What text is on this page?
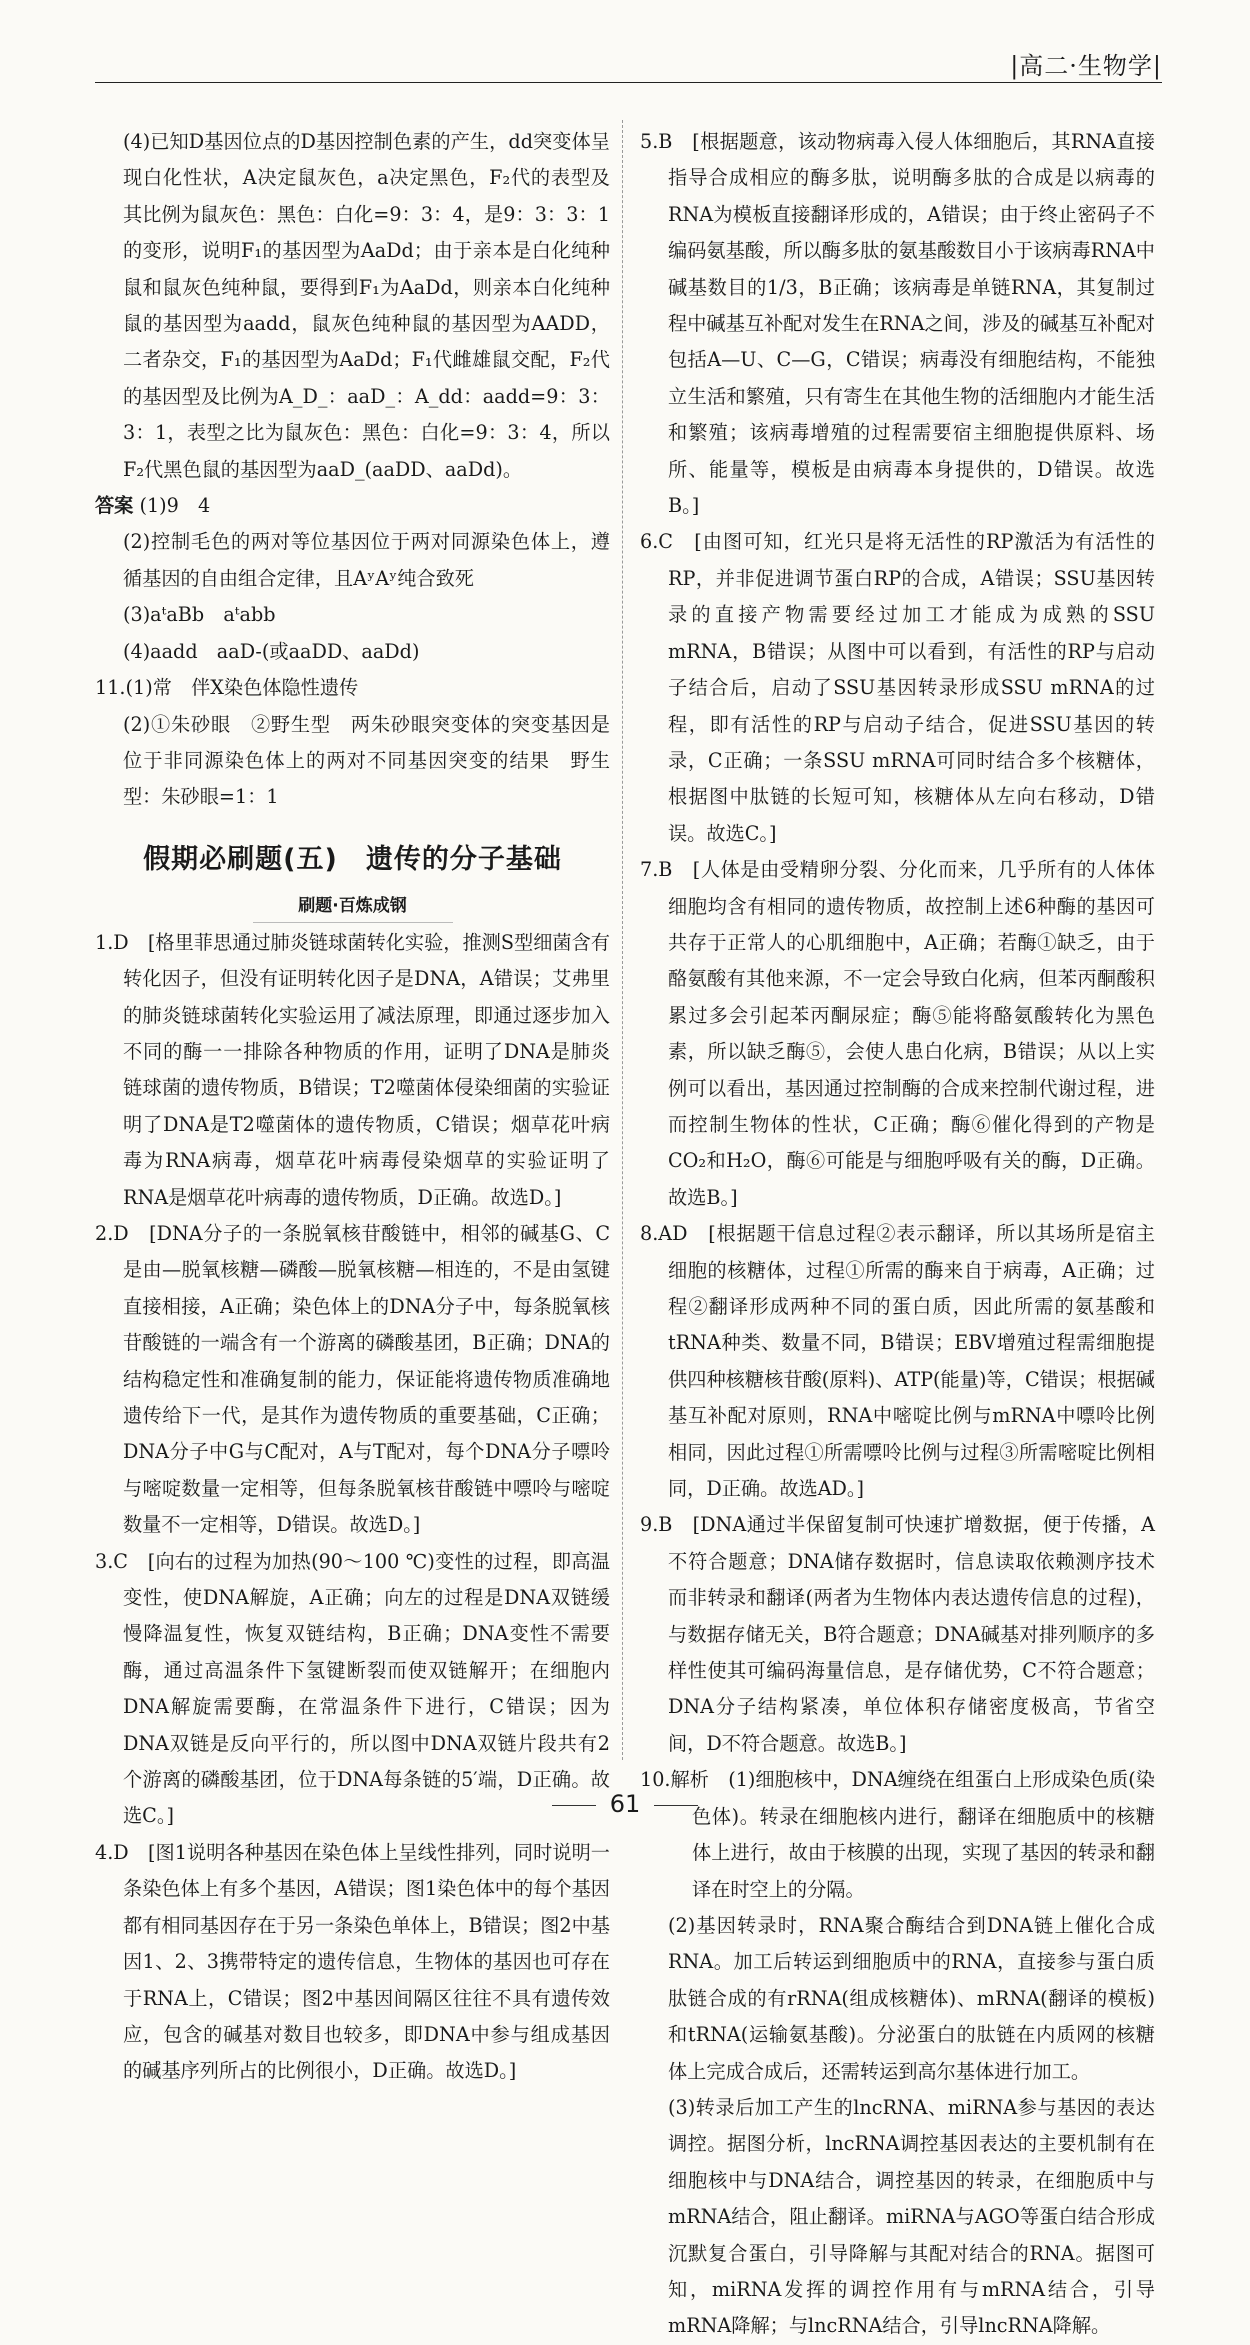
|高二·生物学|

(4)已知D基因位点的D基因控制色素的产生，dd突变体呈现白化性状，A决定鼠灰色，a决定黑色，F₂代的表型及其比例为鼠灰色：黑色：白化=9：3：4，是9：3：3：1的变形，说明F₁的基因型为AaDd；由于亲本是白化纯种鼠和鼠灰色纯种鼠，要得到F₁为AaDd，则亲本白化纯种鼠的基因型为aadd，鼠灰色纯种鼠的基因型为AADD，二者杂交，F₁的基因型为AaDd；F₁代雌雄鼠交配，F₂代的基因型及比例为A_D_：aaD_：A_dd：aadd=9：3：3：1，表型之比为鼠灰色：黑色：白化=9：3：4，所以F₂代黑色鼠的基因型为aaD_(aaDD、aaDd)。

答案 (1)9　4

(2)控制毛色的两对等位基因位于两对同源染色体上，遵循基因的自由组合定律，且AʸAʸ纯合致死

(3)aᵗaBb　aᵗabb

(4)aadd　aaD-(或aaDD、aaDd)

11.(1)常　伴X染色体隐性遗传

(2)①朱砂眼　②野生型　两朱砂眼突变体的突变基因是位于非同源染色体上的两对不同基因突变的结果　野生型：朱砂眼=1：1

假期必刷题(五)　遗传的分子基础
刷题·百炼成钢

1.D　[格里菲思通过肺炎链球菌转化实验，推测S型细菌含有转化因子，但没有证明转化因子是DNA，A错误；艾弗里的肺炎链球菌转化实验运用了减法原理，即通过逐步加入不同的酶一一排除各种物质的作用，证明了DNA是肺炎链球菌的遗传物质，B错误；T2噬菌体侵染细菌的实验证明了DNA是T2噬菌体的遗传物质，C错误；烟草花叶病毒为RNA病毒，烟草花叶病毒侵染烟草的实验证明了RNA是烟草花叶病毒的遗传物质，D正确。故选D。]

2.D　[DNA分子的一条脱氧核苷酸链中，相邻的碱基G、C是由—脱氧核糖—磷酸—脱氧核糖—相连的，不是由氢键直接相接，A正确；染色体上的DNA分子中，每条脱氧核苷酸链的一端含有一个游离的磷酸基团，B正确；DNA的结构稳定性和准确复制的能力，保证能将遗传物质准确地遗传给下一代，是其作为遗传物质的重要基础，C正确；DNA分子中G与C配对，A与T配对，每个DNA分子嘌呤与嘧啶数量一定相等，但每条脱氧核苷酸链中嘌呤与嘧啶数量不一定相等，D错误。故选D。]

3.C　[向右的过程为加热(90～100 ℃)变性的过程，即高温变性，使DNA解旋，A正确；向左的过程是DNA双链缓慢降温复性，恢复双链结构，B正确；DNA变性不需要酶，通过高温条件下氢键断裂而使双链解开；在细胞内DNA解旋需要酶，在常温条件下进行，C错误；因为DNA双链是反向平行的，所以图中DNA双链片段共有2个游离的磷酸基团，位于DNA每条链的5′端，D正确。故选C。]

4.D　[图1说明各种基因在染色体上呈线性排列，同时说明一条染色体上有多个基因，A错误；图1染色体中的每个基因都有相同基因存在于另一条染色单体上，B错误；图2中基因1、2、3携带特定的遗传信息，生物体的基因也可存在于RNA上，C错误；图2中基因间隔区往往不具有遗传效应，包含的碱基对数目也较多，即DNA中参与组成基因的碱基序列所占的比例很小，D正确。故选D。]

5.B　[根据题意，该动物病毒入侵人体细胞后，其RNA直接指导合成相应的酶多肽，说明酶多肽的合成是以病毒的RNA为模板直接翻译形成的，A错误；由于终止密码子不编码氨基酸，所以酶多肽的氨基酸数目小于该病毒RNA中碱基数目的1/3，B正确；该病毒是单链RNA，其复制过程中碱基互补配对发生在RNA之间，涉及的碱基互补配对包括A—U、C—G，C错误；病毒没有细胞结构，不能独立生活和繁殖，只有寄生在其他生物的活细胞内才能生活和繁殖；该病毒增殖的过程需要宿主细胞提供原料、场所、能量等，模板是由病毒本身提供的，D错误。故选B。]

6.C　[由图可知，红光只是将无活性的RP激活为有活性的RP，并非促进调节蛋白RP的合成，A错误；SSU基因转录的直接产物需要经过加工才能成为成熟的SSU mRNA，B错误；从图中可以看到，有活性的RP与启动子结合后，启动了SSU基因转录形成SSU mRNA的过程，即有活性的RP与启动子结合，促进SSU基因的转录，C正确；一条SSU mRNA可同时结合多个核糖体，根据图中肽链的长短可知，核糖体从左向右移动，D错误。故选C。]

7.B　[人体是由受精卵分裂、分化而来，几乎所有的人体体细胞均含有相同的遗传物质，故控制上述6种酶的基因可共存于正常人的心肌细胞中，A正确；若酶①缺乏，由于酪氨酸有其他来源，不一定会导致白化病，但苯丙酮酸积累过多会引起苯丙酮尿症；酶⑤能将酪氨酸转化为黑色素，所以缺乏酶⑤，会使人患白化病，B错误；从以上实例可以看出，基因通过控制酶的合成来控制代谢过程，进而控制生物体的性状，C正确；酶⑥催化得到的产物是CO₂和H₂O，酶⑥可能是与细胞呼吸有关的酶，D正确。故选B。]

8.AD　[根据题干信息过程②表示翻译，所以其场所是宿主细胞的核糖体，过程①所需的酶来自于病毒，A正确；过程②翻译形成两种不同的蛋白质，因此所需的氨基酸和tRNA种类、数量不同，B错误；EBV增殖过程需细胞提供四种核糖核苷酸(原料)、ATP(能量)等，C错误；根据碱基互补配对原则，RNA中嘧啶比例与mRNA中嘌呤比例相同，因此过程①所需嘌呤比例与过程③所需嘧啶比例相同，D正确。故选AD。]

9.B　[DNA通过半保留复制可快速扩增数据，便于传播，A不符合题意；DNA储存数据时，信息读取依赖测序技术而非转录和翻译(两者为生物体内表达遗传信息的过程)，与数据存储无关，B符合题意；DNA碱基对排列顺序的多样性使其可编码海量信息，是存储优势，C不符合题意；DNA分子结构紧凑，单位体积存储密度极高，节省空间，D不符合题意。故选B。]

10.解析　(1)细胞核中，DNA缠绕在组蛋白上形成染色质(染色体)。转录在细胞核内进行，翻译在细胞质中的核糖体上进行，故由于核膜的出现，实现了基因的转录和翻译在时空上的分隔。

(2)基因转录时，RNA聚合酶结合到DNA链上催化合成RNA。加工后转运到细胞质中的RNA，直接参与蛋白质肽链合成的有rRNA(组成核糖体)、mRNA(翻译的模板)和tRNA(运输氨基酸)。分泌蛋白的肽链在内质网的核糖体上完成合成后，还需转运到高尔基体进行加工。

(3)转录后加工产生的lncRNA、miRNA参与基因的表达调控。据图分析，lncRNA调控基因表达的主要机制有在细胞核中与DNA结合，调控基因的转录，在细胞质中与mRNA结合，阻止翻译。miRNA与AGO等蛋白结合形成沉默复合蛋白，引导降解与其配对结合的RNA。据图可知，miRNA发挥的调控作用有与mRNA结合，引导mRNA降解；与lncRNA结合，引导lncRNA降解。

61
